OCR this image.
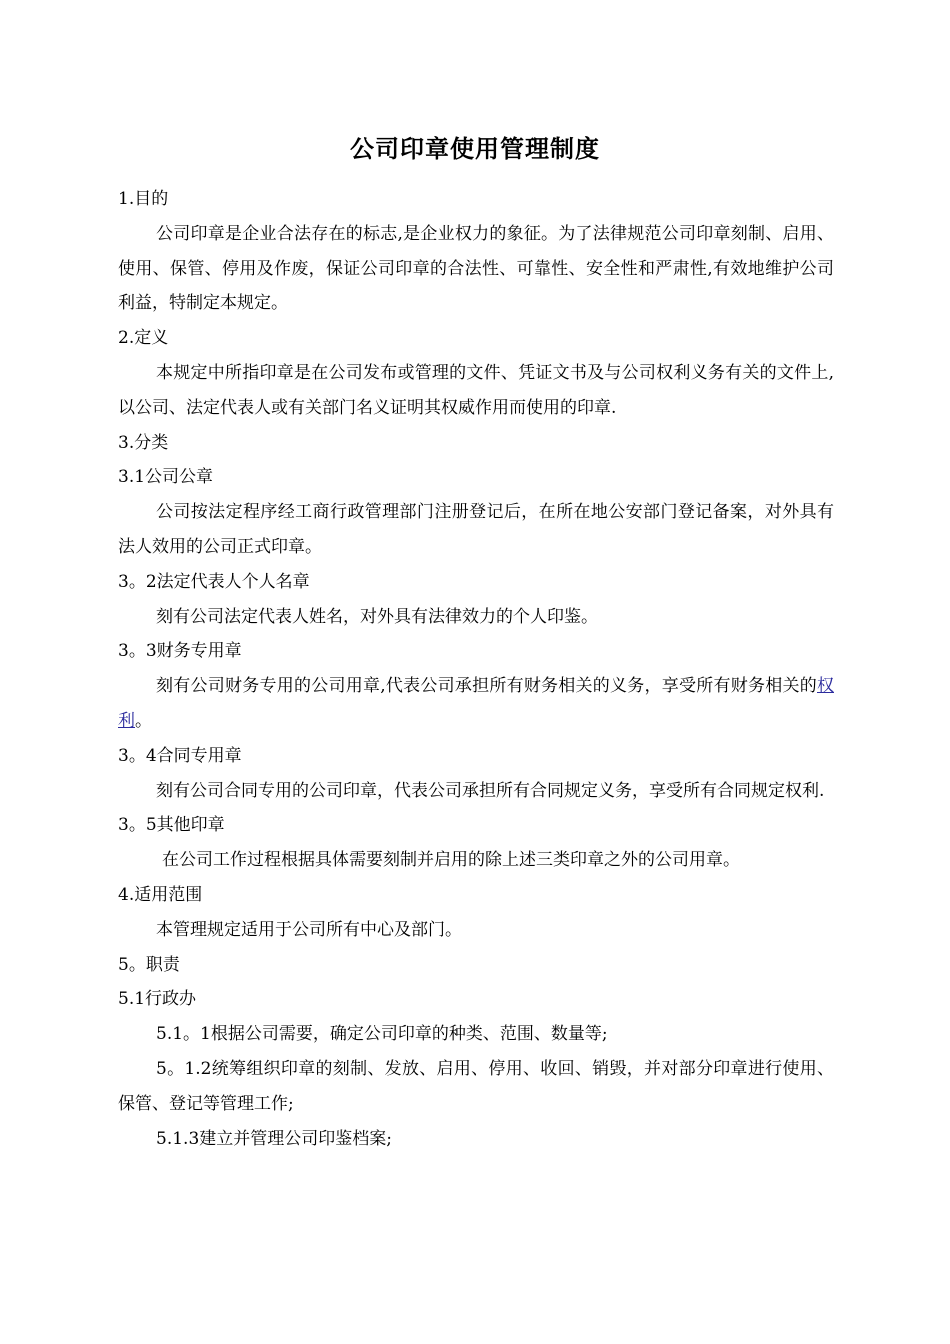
公司印章使用管理制度

1.目的

公司印章是企业合法存在的标志,是企业权力的象征。为了法律规范公司印章刻制、启用、使用、保管、停用及作废，保证公司印章的合法性、可靠性、安全性和严肃性,有效地维护公司利益，特制定本规定。

2.定义

本规定中所指印章是在公司发布或管理的文件、凭证文书及与公司权利义务有关的文件上,以公司、法定代表人或有关部门名义证明其权威作用而使用的印章.

3.分类

3.1公司公章

公司按法定程序经工商行政管理部门注册登记后，在所在地公安部门登记备案，对外具有法人效用的公司正式印章。

3。2法定代表人个人名章

刻有公司法定代表人姓名，对外具有法律效力的个人印鉴。

3。3财务专用章

刻有公司财务专用的公司用章,代表公司承担所有财务相关的义务，享受所有财务相关的权利。

3。4合同专用章

刻有公司合同专用的公司印章，代表公司承担所有合同规定义务，享受所有合同规定权利.

3。5其他印章

在公司工作过程根据具体需要刻制并启用的除上述三类印章之外的公司用章。

4.适用范围

本管理规定适用于公司所有中心及部门。

5。职责

5.1行政办

5.1。1根据公司需要，确定公司印章的种类、范围、数量等;

5。1.2统筹组织印章的刻制、发放、启用、停用、收回、销毁，并对部分印章进行使用、保管、登记等管理工作;

5.1.3建立并管理公司印鉴档案;
